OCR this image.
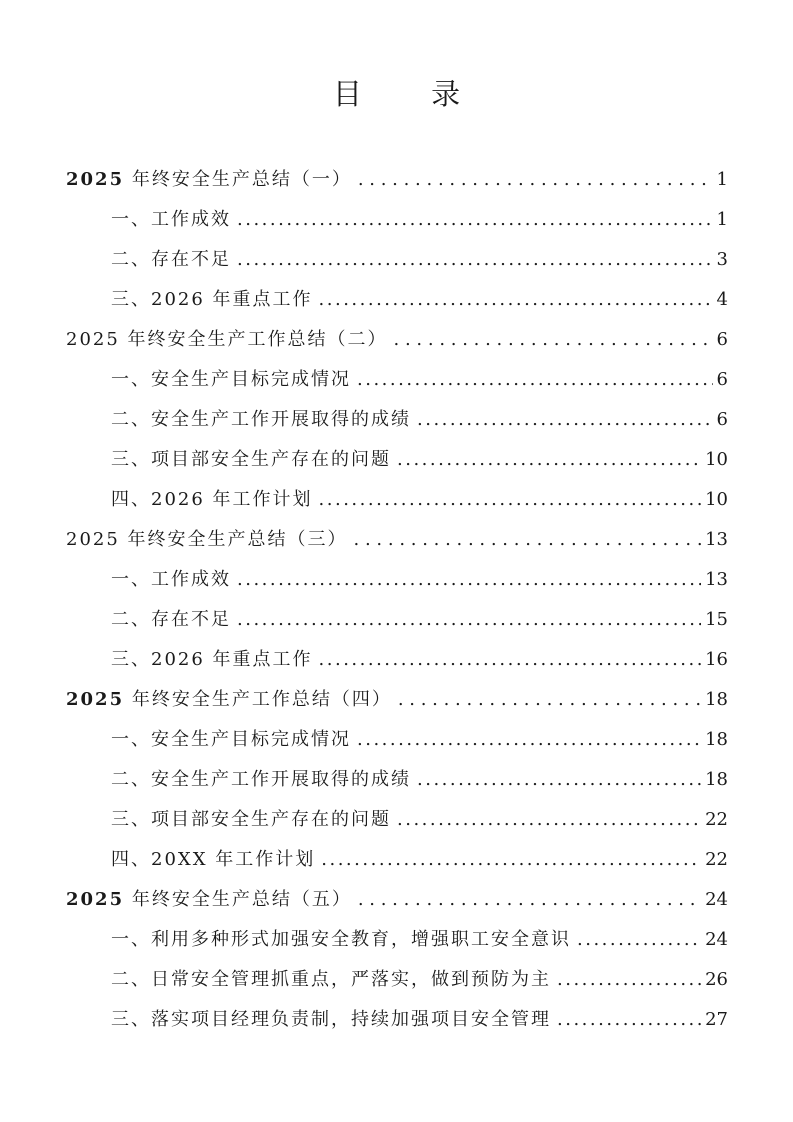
目 录
2025 年终安全生产总结（一） . . .	1
一、工作成效 .....	1
二、存在不足 .....	3
三、2026 年重点工作 .....	4
2025 年终安全生产工作总结（二） . . .	6
一、安全生产目标完成情况 .....	6
二、安全生产工作开展取得的成绩 .....	6
三、项目部安全生产存在的问题 .....	10
四、2026 年工作计划 .....	10
2025 年终安全生产总结（三） . . .	13
一、工作成效 .....	13
二、存在不足 .....	15
三、2026 年重点工作 .....	16
2025 年终安全生产工作总结（四） . . .	18
一、安全生产目标完成情况 .....	18
二、安全生产工作开展取得的成绩 .....	18
三、项目部安全生产存在的问题 .....	22
四、20XX 年工作计划 .....	22
2025 年终安全生产总结（五） . . .	24
一、利用多种形式加强安全教育，增强职工安全意识 .....	24
二、日常安全管理抓重点，严落实，做到预防为主 .....	26
三、落实项目经理负责制，持续加强项目安全管理 .....	27
